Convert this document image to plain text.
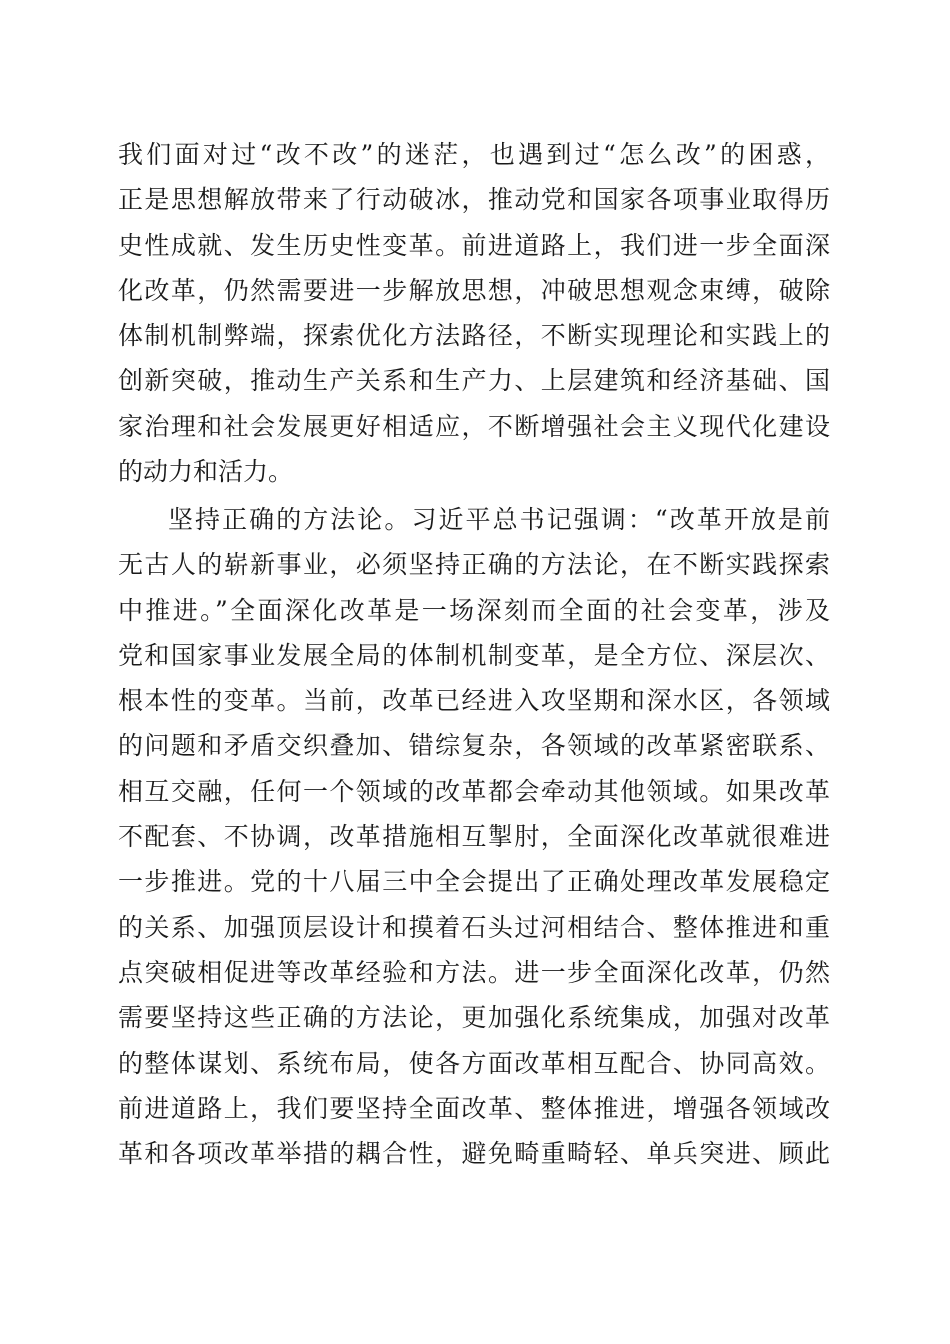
我们面对过“改不改”的迷茫，也遇到过“怎么改”的困惑，
正是思想解放带来了行动破冰，推动党和国家各项事业取得历
史性成就、发生历史性变革。前进道路上，我们进一步全面深
化改革，仍然需要进一步解放思想，冲破思想观念束缚，破除
体制机制弊端，探索优化方法路径，不断实现理论和实践上的
创新突破，推动生产关系和生产力、上层建筑和经济基础、国
家治理和社会发展更好相适应，不断增强社会主义现代化建设
的动力和活力。
坚持正确的方法论。习近平总书记强调：“改革开放是前
无古人的崭新事业，必须坚持正确的方法论，在不断实践探索
中推进。”全面深化改革是一场深刻而全面的社会变革，涉及
党和国家事业发展全局的体制机制变革，是全方位、深层次、
根本性的变革。当前，改革已经进入攻坚期和深水区，各领域
的问题和矛盾交织叠加、错综复杂，各领域的改革紧密联系、
相互交融，任何一个领域的改革都会牵动其他领域。如果改革
不配套、不协调，改革措施相互掣肘，全面深化改革就很难进
一步推进。党的十八届三中全会提出了正确处理改革发展稳定
的关系、加强顶层设计和摸着石头过河相结合、整体推进和重
点突破相促进等改革经验和方法。进一步全面深化改革，仍然
需要坚持这些正确的方法论，更加强化系统集成，加强对改革
的整体谋划、系统布局，使各方面改革相互配合、协同高效。
前进道路上，我们要坚持全面改革、整体推进，增强各领域改
革和各项改革举措的耦合性，避免畸重畸轻、单兵突进、顾此
